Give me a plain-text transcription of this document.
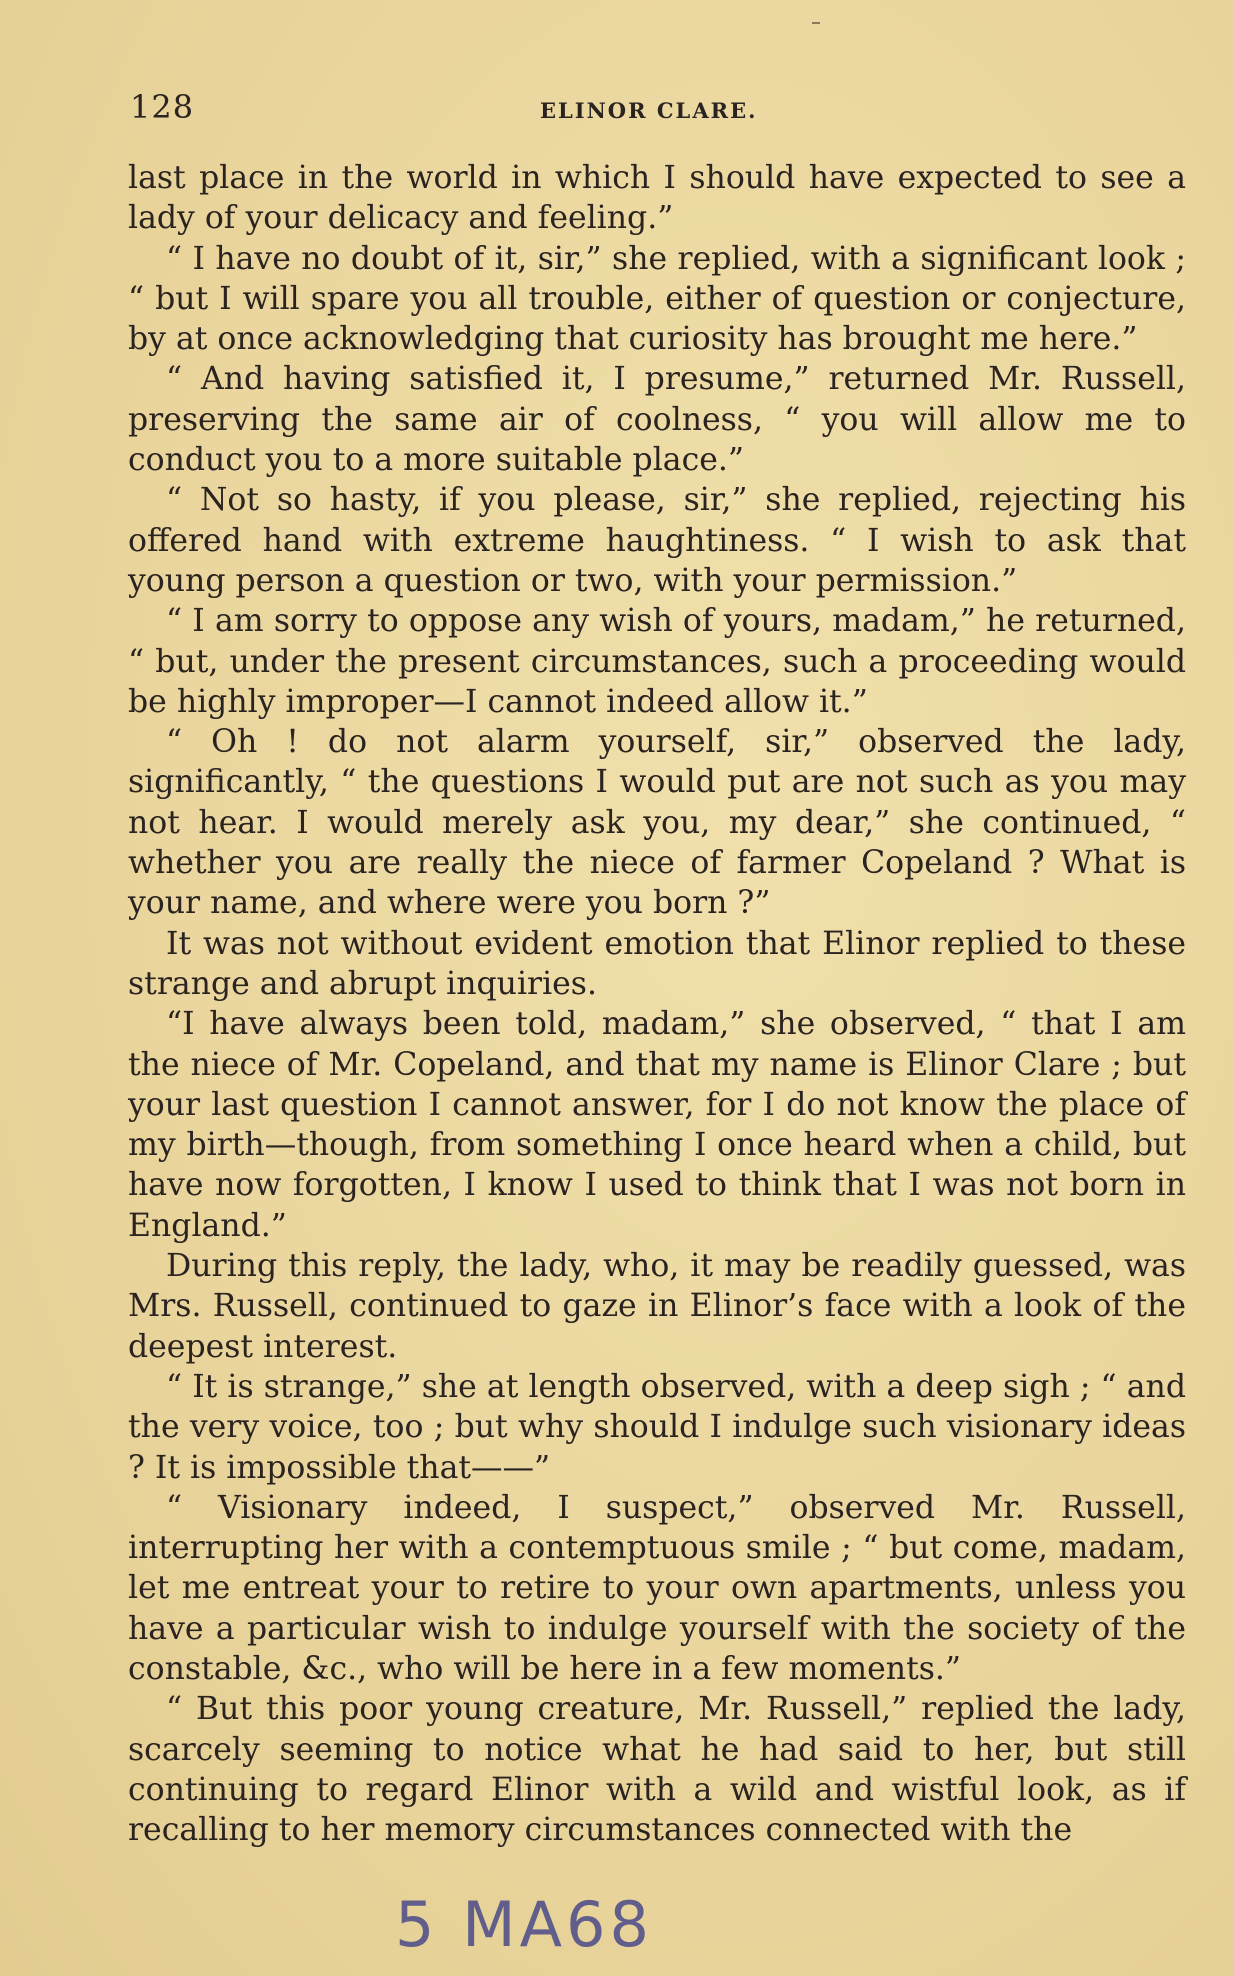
128	ELINOR CLARE.

last place in the world in which I should have expected to see a lady of your delicacy and feeling.”

“ I have no doubt of it, sir,” she replied, with a significant look ; “ but I will spare you all trouble, either of question or conjecture, by at once acknowledging that curiosity has brought me here.”

“ And having satisfied it, I presume,” returned Mr. Russell, preserving the same air of coolness, “ you will allow me to conduct you to a more suitable place.”

“ Not so hasty, if you please, sir,” she replied, rejecting his offered hand with extreme haughtiness. “ I wish to ask that young person a question or two, with your permission.”

“ I am sorry to oppose any wish of yours, madam,” he returned, “ but, under the present circumstances, such a proceeding would be highly improper—I cannot indeed allow it.”

“ Oh ! do not alarm yourself, sir,” observed the lady, significantly, “ the questions I would put are not such as you may not hear. I would merely ask you, my dear,” she continued, “ whether you are really the niece of farmer Copeland ? What is your name, and where were you born ?”

It was not without evident emotion that Elinor replied to these strange and abrupt inquiries.

“I have always been told, madam,” she observed, “ that I am the niece of Mr. Copeland, and that my name is Elinor Clare ; but your last question I cannot answer, for I do not know the place of my birth—though, from something I once heard when a child, but have now forgotten, I know I used to think that I was not born in England.”

During this reply, the lady, who, it may be readily guessed, was Mrs. Russell, continued to gaze in Elinor’s face with a look of the deepest interest.

“ It is strange,” she at length observed, with a deep sigh ; “ and the very voice, too ; but why should I indulge such visionary ideas ? It is impossible that——”

“ Visionary indeed, I suspect,” observed Mr. Russell, interrupting her with a contemptuous smile ; “ but come, madam, let me entreat your to retire to your own apartments, unless you have a particular wish to indulge yourself with the society of the constable, &c., who will be here in a few moments.”

“ But this poor young creature, Mr. Russell,” replied the lady, scarcely seeming to notice what he had said to her, but still continuing to regard Elinor with a wild and wistful look, as if recalling to her memory circumstances connected with the

5 MA68
